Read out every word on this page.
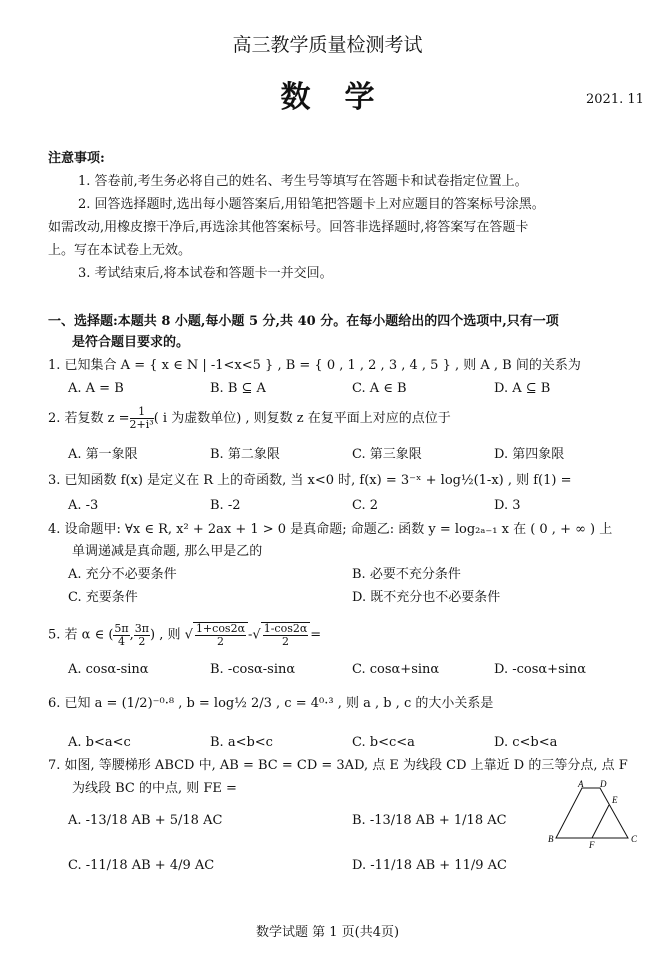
高三教学质量检测考试
数学	2021. 11
注意事项:
1. 答卷前,考生务必将自己的姓名、考生号等填写在答题卡和试卷指定位置上。
2. 回答选择题时,选出每小题答案后,用铅笔把答题卡上对应题目的答案标号涂黑。
如需改动,用橡皮擦干净后,再选涂其他答案标号。回答非选择题时,将答案写在答题卡
上。写在本试卷上无效。
3. 考试结束后,将本试卷和答题卡一并交回。
一、选择题:本题共 8 小题,每小题 5 分,共 40 分。在每小题给出的四个选项中,只有一项
是符合题目要求的。
1. 已知集合 A = { x ∈ N | -1<x<5 } , B = { 0 , 1 , 2 , 3 , 4 , 5 } , 则 A , B 间的关系为
A. A = B	B. B ⊆ A	C. A ∈ B	D. A ⊆ B
2. 若复数 $z = \frac{1}{\text{2+i³}}$ ( i 为虚数单位) , 则复数 z 在复平面上对应的点位于
A. 第一象限	B. 第二象限	C. 第三象限	D. 第四象限
3. 已知函数 f(x) 是定义在 R 上的奇函数, 当 x<0 时, f(x) = 3⁻ˣ + log½(1-x) , 则 f(1) =
A. -3	B. -2	C. 2	D. 3
4. 设命题甲: ∀x ∈ R, x² + 2ax + 1 > 0 是真命题; 命题乙: 函数 y = log₂ₐ₋₁ x 在 ( 0 , + ∞ ) 上
单调递减是真命题, 那么甲是乙的
A. 充分不必要条件	B. 必要不充分条件
C. 充要条件	D. 既不充分也不必要条件
5. 若 α ∈ ( $\frac{5\pi}{4}$ , $\frac{3\pi}{2}$ ) , 则 √ $\frac{1+\cos 2\alpha}{2}$ -√ $\frac{1-\cos 2\alpha}{2}$ =
A. cosα-sinα	B. -cosα-sinα	C. cosα+sinα	D. -cosα+sinα
6. 已知 a = (1/2)⁻⁰·⁸ , b = log½ 2/3 , c = 4⁰·³ , 则 a , b , c 的大小关系是
A. b<a<c	B. a<b<c	C. b<c<a	D. c<b<a
7. 如图, 等腰梯形 ABCD 中, AB = BC = CD = 3AD, 点 E 为线段 CD 上靠近 D 的三等分点, 点 F
为线段 BC 的中点, 则 FE =
A. -13/18 AB + 5/18 AC	B. -13/18 AB + 1/18 AC
C. -11/18 AB + 4/9 AC	D. -11/18 AB + 11/9 AC
A D
E
B
F
C
数学试题 第 1 页(共4页)
